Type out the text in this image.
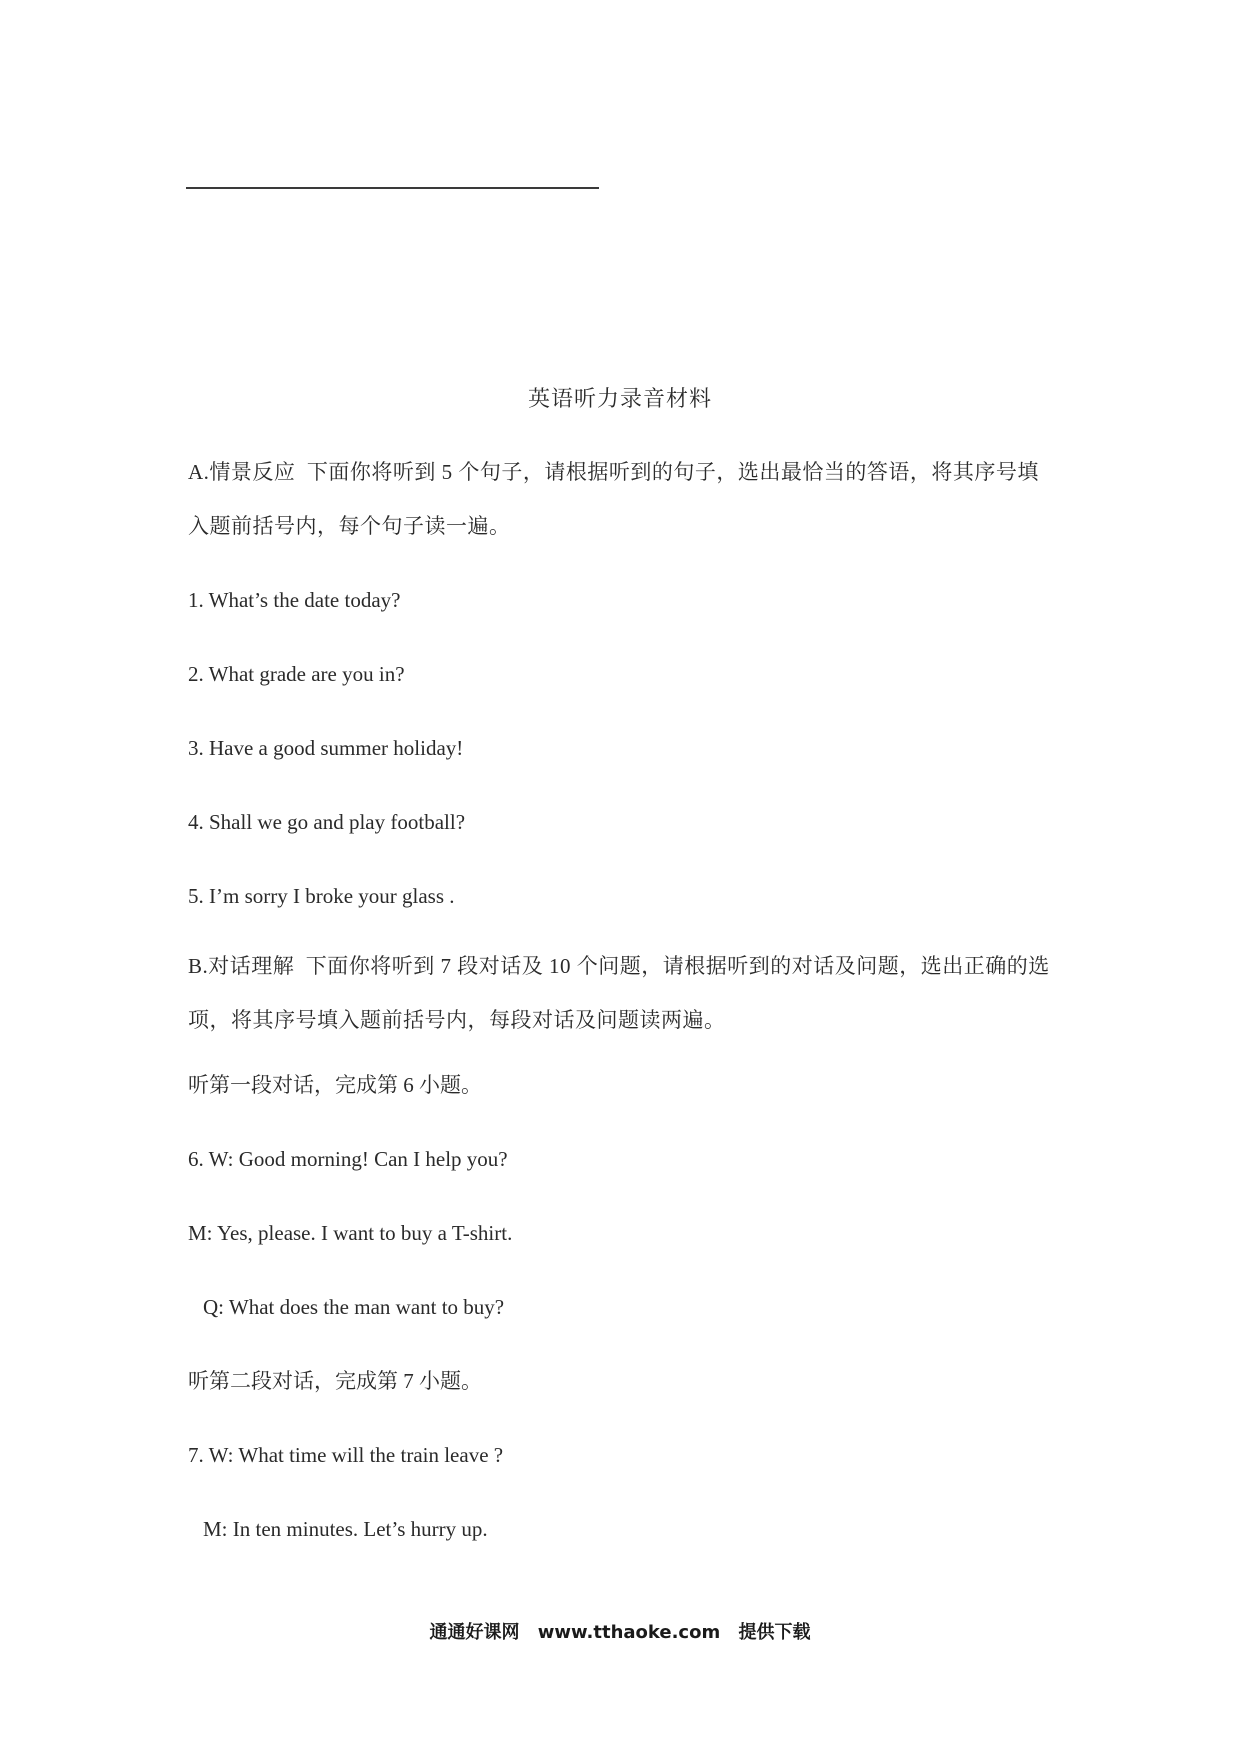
英语听力录音材料
A.情景反应 下面你将听到 5 个句子，请根据听到的句子，选出最恰当的答语，将其序号填入题前括号内，每个句子读一遍。
1. What’s the date today?
2. What grade are you in?
3. Have a good summer holiday!
4. Shall we go and play football?
5. I’m sorry I broke your glass .
B.对话理解 下面你将听到 7 段对话及 10 个问题，请根据听到的对话及问题，选出正确的选项，将其序号填入题前括号内，每段对话及问题读两遍。
听第一段对话，完成第 6 小题。
6. W: Good morning! Can I help you?
M: Yes, please. I want to buy a T-shirt.
Q: What does the man want to buy?
听第二段对话，完成第 7 小题。
7. W: What time will the train leave ?
M: In ten minutes. Let’s hurry up.
通通好课网 www.tthaoke.com 提供下载
